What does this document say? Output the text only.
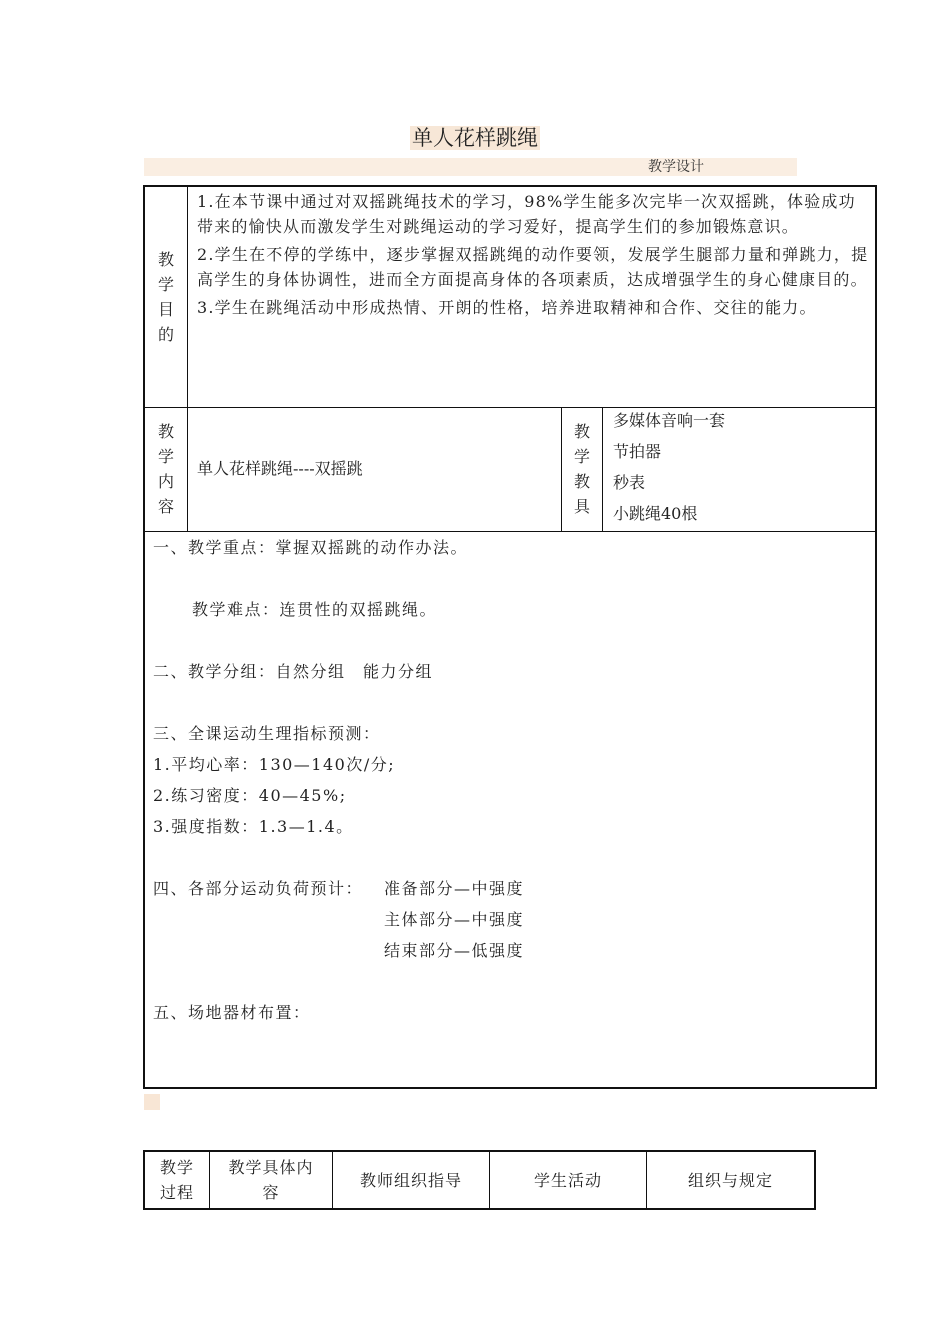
单人花样跳绳
教学设计
教学目的

1.在本节课中通过对双摇跳绳技术的学习，98%学生能多次完毕一次双摇跳，体验成功带来的愉快从而激发学生对跳绳运动的学习爱好，提高学生们的参加锻炼意识。

2.学生在不停的学练中，逐步掌握双摇跳绳的动作要领，发展学生腿部力量和弹跳力，提高学生的身体协调性，进而全方面提高身体的各项素质，达成增强学生的身心健康目的。

3.学生在跳绳活动中形成热情、开朗的性格，培养进取精神和合作、交往的能力。

教学内容
单人花样跳绳----双摇跳
教学教具
多媒体音响一套
节拍器
秒表
小跳绳40根
一、教学重点：掌握双摇跳的动作办法。
教学难点：连贯性的双摇跳绳。
二、教学分组：自然分组　能力分组
三、全课运动生理指标预测：
1.平均心率：130—140次/分;
2.练习密度：40—45%;
3.强度指数：1.3—1.4。
四、各部分运动负荷预计： 准备部分—中强度
主体部分—中强度
结束部分—低强度
五、场地器材布置：
教学过程
教学具体内容
教师组织指导	学生活动	组织与规定
